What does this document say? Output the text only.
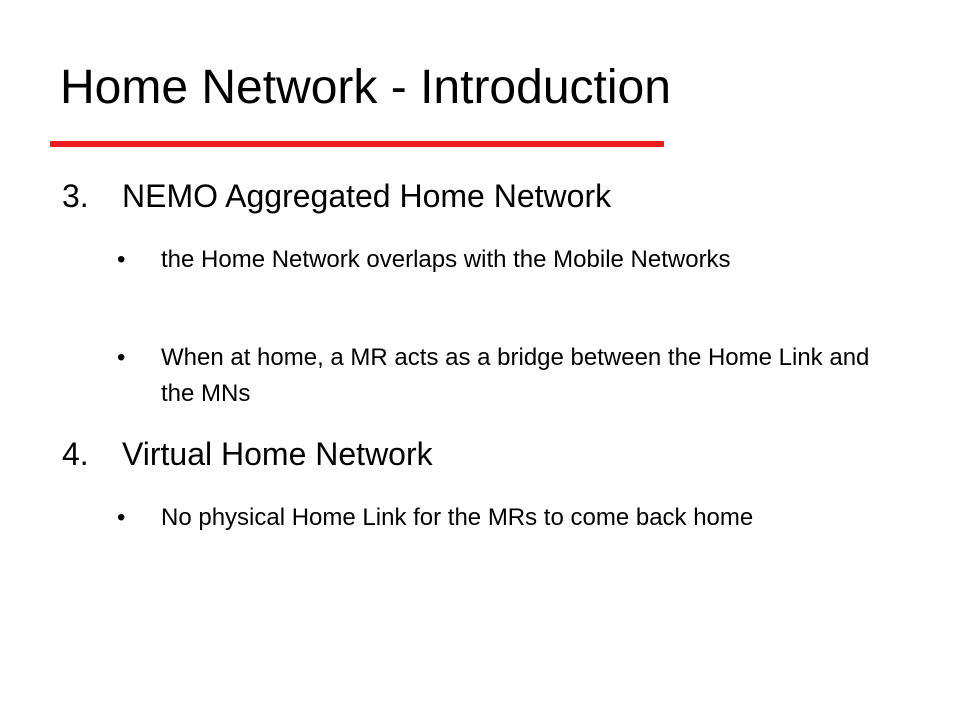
Home Network - Introduction
3. NEMO Aggregated Home Network
•	the Home Network overlaps with the Mobile Networks
•	When at home, a MR acts as a bridge between the Home Link and the MNs
4. Virtual Home Network
•	No physical Home Link for the MRs to come back home
